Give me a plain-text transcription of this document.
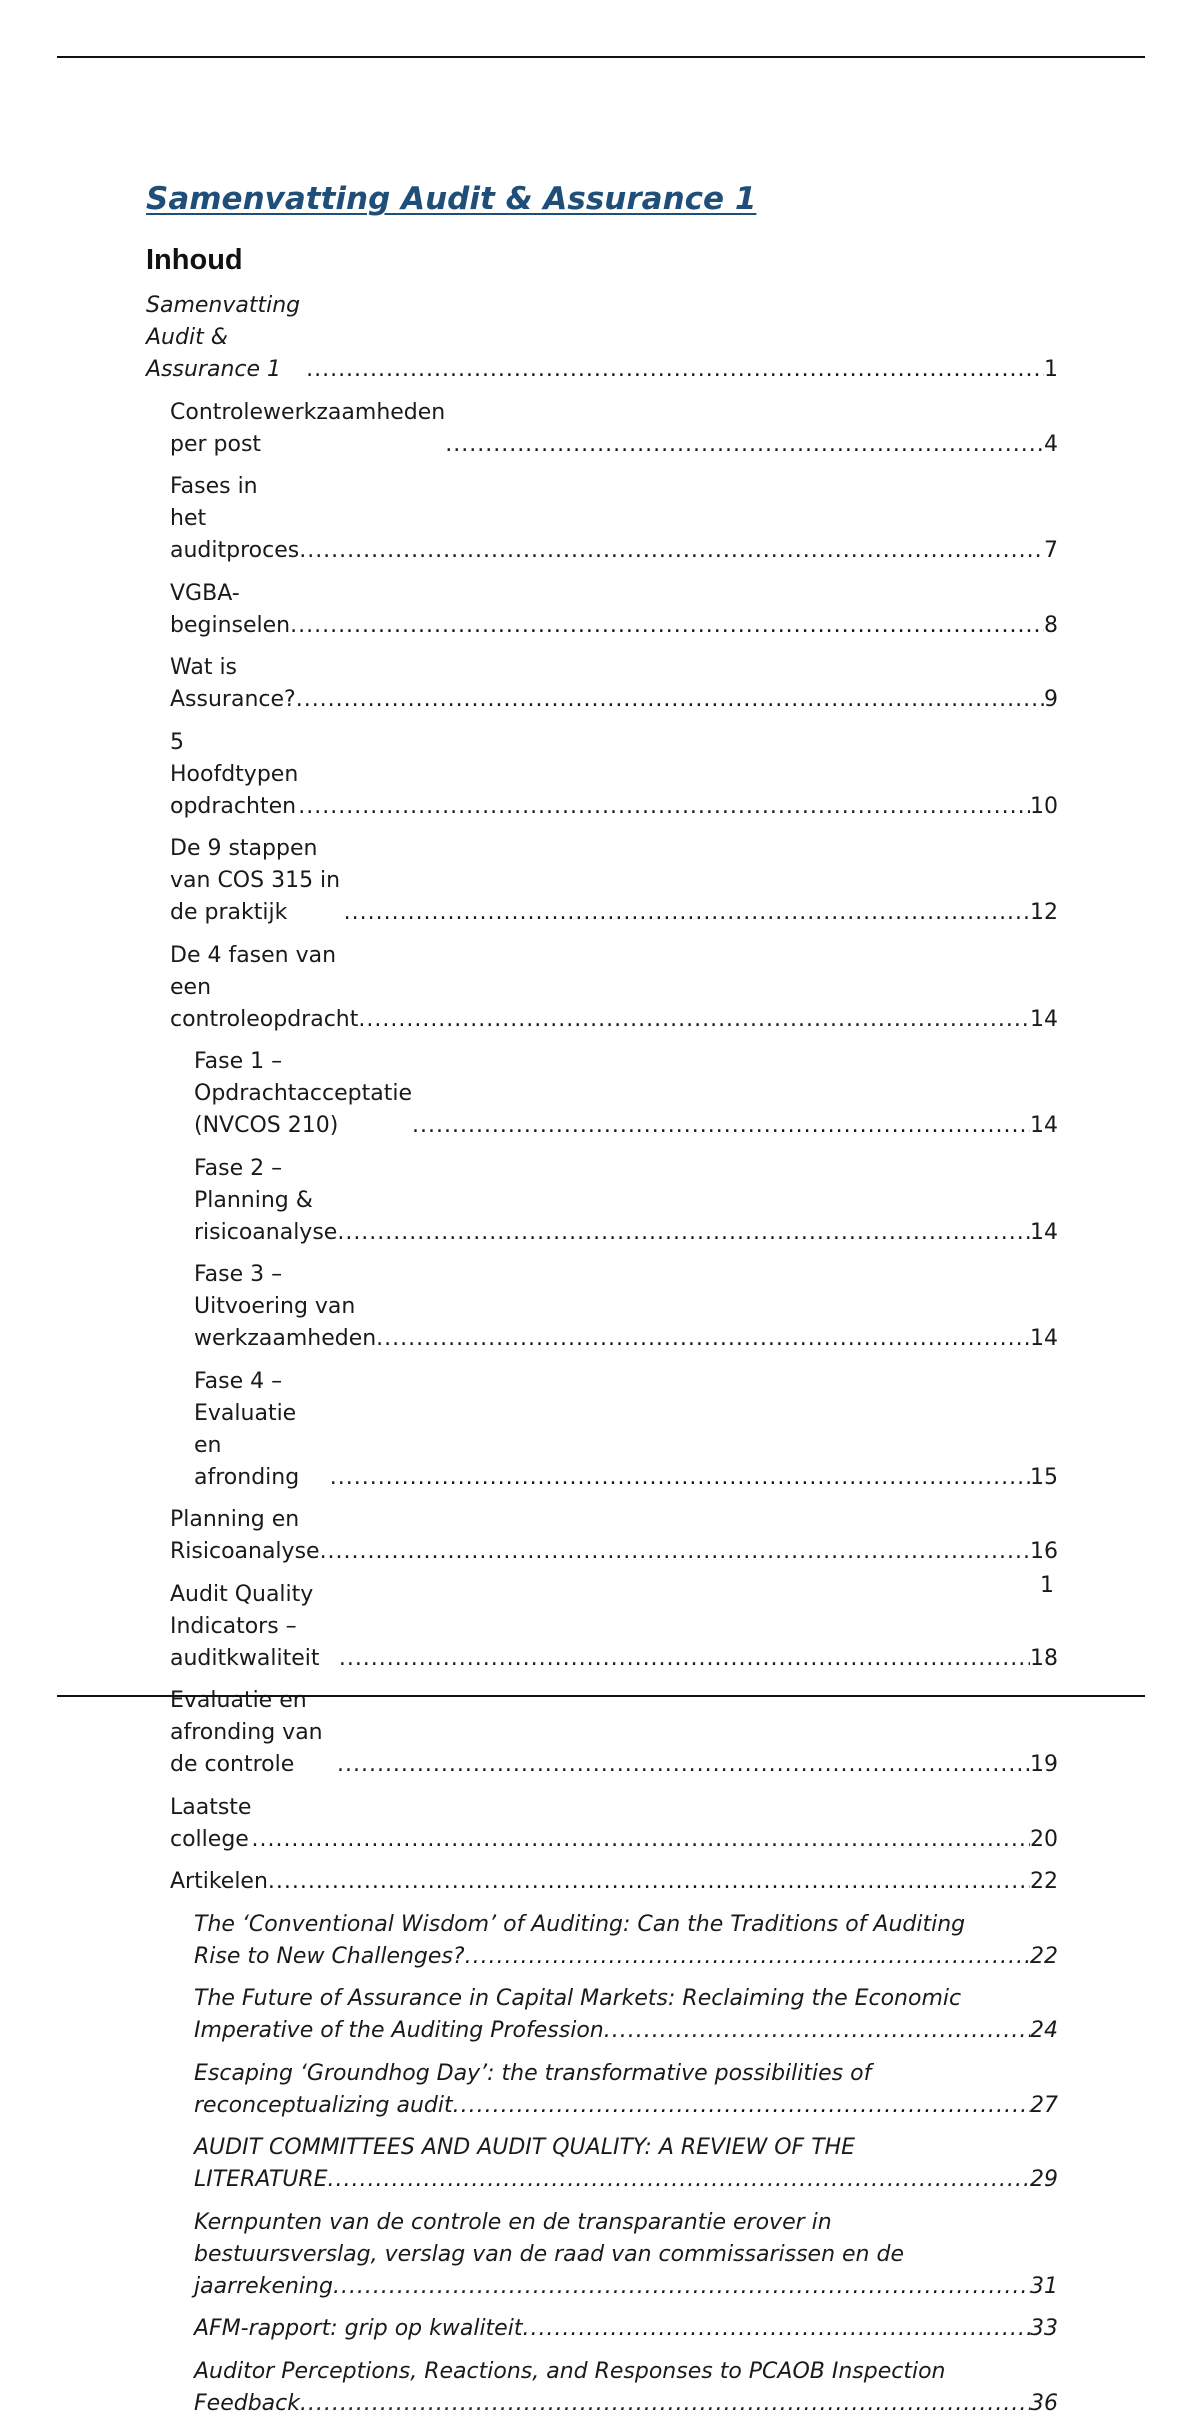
Samenvatting Audit & Assurance 1
Inhoud
Samenvatting Audit & Assurance 1 .....	1
Controlewerkzaamheden per post .....	4
Fases in het auditproces .....	7
VGBA-beginselen .....	8
Wat is Assurance? .....	9
5 Hoofdtypen opdrachten .....	10
De 9 stappen van COS 315 in de praktijk .....	12
De 4 fasen van een controleopdracht .....	14
Fase 1 – Opdrachtacceptatie (NVCOS 210) .....	14
Fase 2 – Planning & risicoanalyse .....	14
Fase 3 – Uitvoering van werkzaamheden .....	14
Fase 4 – Evaluatie en afronding .....	15
Planning en Risicoanalyse .....	16
Audit Quality Indicators – auditkwaliteit .....	18
Evaluatie en afronding van de controle .....	19
Laatste college .....	20
Artikelen .....	22
The ‘Conventional Wisdom’ of Auditing: Can the Traditions of Auditing
Rise to New Challenges? .....	22
The Future of Assurance in Capital Markets: Reclaiming the Economic
Imperative of the Auditing Profession .....	24
Escaping ‘Groundhog Day’: the transformative possibilities of
reconceptualizing audit .....	27
AUDIT COMMITTEES AND AUDIT QUALITY: A REVIEW OF THE
LITERATURE .....	29
Kernpunten van de controle en de transparantie erover in
bestuursverslag, verslag van de raad van commissarissen en de
jaarrekening .....	31
AFM-rapport: grip op kwaliteit .....	33
Auditor Perceptions, Reactions, and Responses to PCAOB Inspection
Feedback .....	36
1
